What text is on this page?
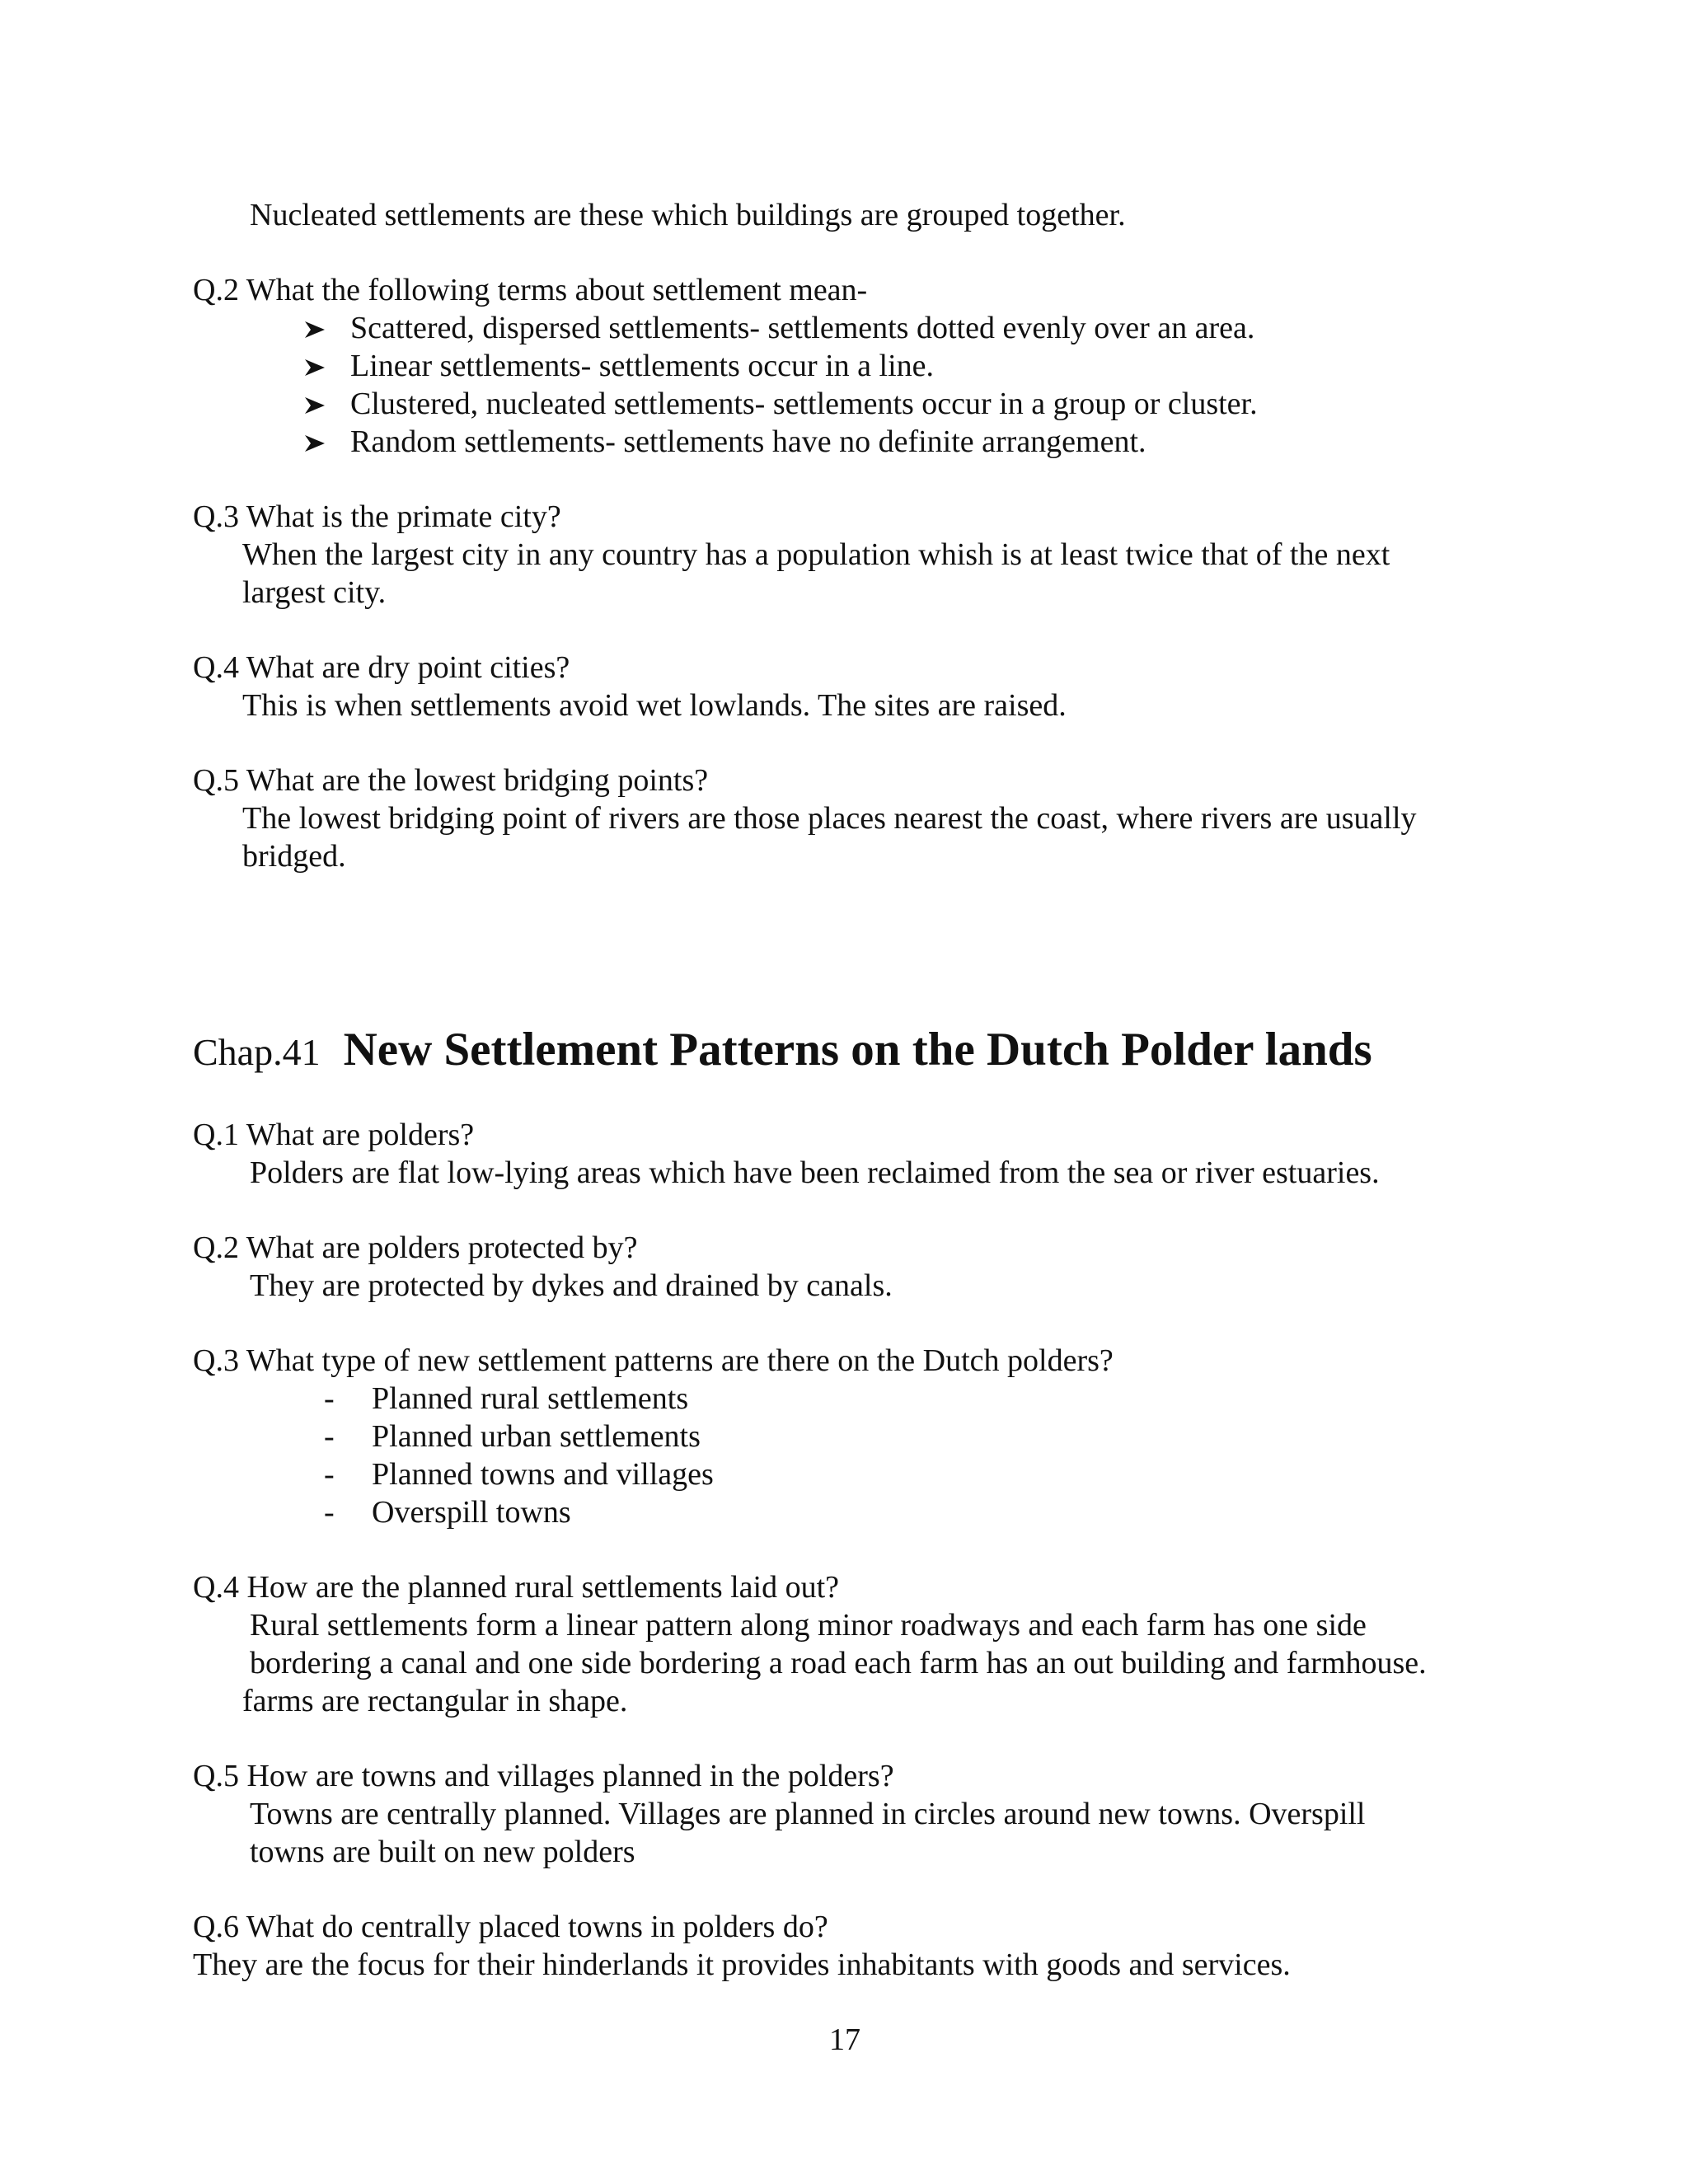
Nucleated settlements are these which buildings are grouped together.
Q.2 What the following terms about settlement mean-
Scattered, dispersed settlements- settlements dotted evenly over an area.
Linear settlements- settlements occur in a line.
Clustered, nucleated settlements- settlements occur in a group or cluster.
Random settlements- settlements have no definite arrangement.
Q.3 What is the primate city?
When the largest city in any country has a population whish is at least twice that of the next
largest city.
Q.4 What are dry point cities?
This is when settlements avoid wet lowlands. The sites are raised.
Q.5 What are the lowest bridging points?
The lowest bridging point of rivers are those places nearest the coast, where rivers are usually
bridged.
Chap.41 New Settlement Patterns on the Dutch Polder lands
Q.1 What are polders?
Polders are flat low-lying areas which have been reclaimed from the sea or river estuaries.
Q.2 What are polders protected by?
They are protected by dykes and drained by canals.
Q.3 What type of new settlement patterns are there on the Dutch polders?
- Planned rural settlements
- Planned urban settlements
- Planned towns and villages
- Overspill towns
Q.4 How are the planned rural settlements laid out?
Rural settlements form a linear pattern along minor roadways and each farm has one side
bordering a canal and one side bordering a road each farm has an out building and farmhouse.
farms are rectangular in shape.
Q.5 How are towns and villages planned in the polders?
Towns are centrally planned. Villages are planned in circles around new towns. Overspill
towns are built on new polders
Q.6 What do centrally placed towns in polders do?
They are the focus for their hinderlands it provides inhabitants with goods and services.
17
